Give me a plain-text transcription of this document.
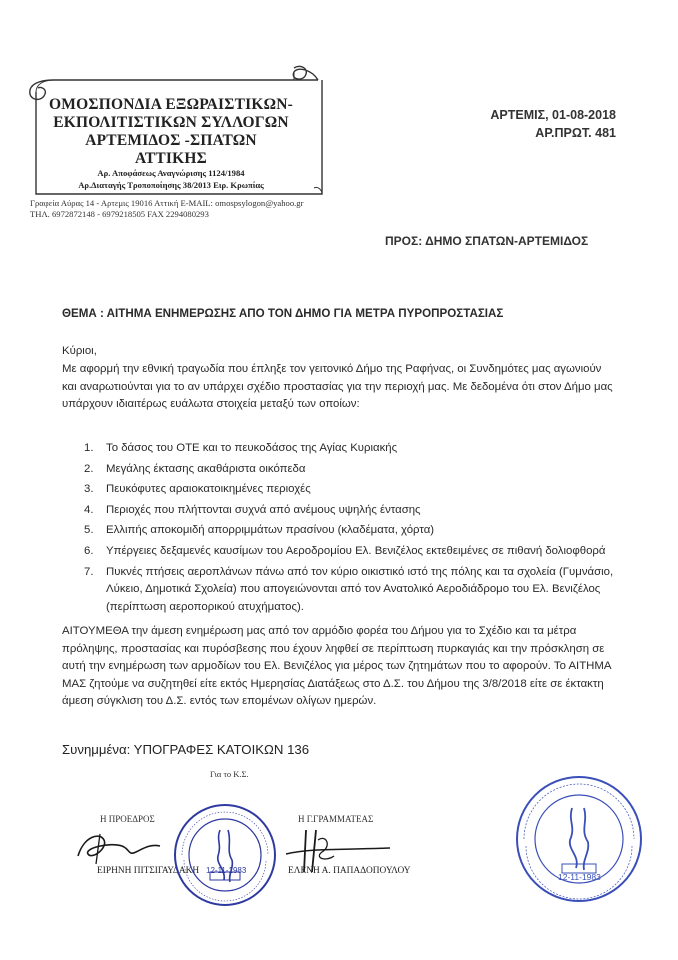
ΟΜΟΣΠΟΝΔΙΑ ΕΞΩΡΑΙΣΤΙΚΩΝ-
ΕΚΠΟΛΙΤΙΣΤΙΚΩΝ ΣΥΛΛΟΓΩΝ
ΑΡΤΕΜΙΔΟΣ -ΣΠΑΤΩΝ
ΑΤΤΙΚΗΣ
Αρ. Αποφάσεως Αναγνώρισης 1124/1984
Αρ.Διαταγής Τροποποίησης 38/2013 Ειρ. Κρωπίας
Γραφεία Αύρας 14 - Αρτεμις 19016 Αττική E-MAIL: omospsylogon@yahoo.gr
ΤΗΛ. 6972872148 - 6979218505 FAX 2294080293
ΑΡΤΕΜΙΣ, 01-08-2018
ΑΡ.ΠΡΩΤ. 481
ΠΡΟΣ: ΔΗΜΟ ΣΠΑΤΩΝ-ΑΡΤΕΜΙΔΟΣ
ΘΕΜΑ : ΑΙΤΗΜΑ ΕΝΗΜΕΡΩΣΗΣ ΑΠΟ ΤΟΝ ΔΗΜΟ ΓΙΑ ΜΕΤΡΑ ΠΥΡΟΠΡΟΣΤΑΣΙΑΣ
Κύριοι,
Με αφορμή την εθνική τραγωδία που έπληξε τον γειτονικό Δήμο της Ραφήνας, οι Συνδημότες μας αγωνιούν και αναρωτιούνται για το αν υπάρχει σχέδιο προστασίας για την περιοχή μας. Με δεδομένα ότι στον Δήμο μας υπάρχουν ιδιαιτέρως ευάλωτα στοιχεία μεταξύ των οποίων:
1. Το δάσος του ΟΤΕ και το πευκοδάσος της Αγίας Κυριακής
2. Μεγάλης έκτασης ακαθάριστα οικόπεδα
3. Πευκόφυτες αραιοκατοικημένες περιοχές
4. Περιοχές που πλήττονται συχνά από ανέμους υψηλής έντασης
5. Ελλιπής αποκομιδή απορριμμάτων πρασίνου (κλαδέματα, χόρτα)
6. Υπέργειες δεξαμενές καυσίμων του Αεροδρομίου Ελ. Βενιζέλος εκτεθειμένες σε πιθανή δολιοφθορά
7. Πυκνές πτήσεις αεροπλάνων πάνω από τον κύριο οικιστικό ιστό της πόλης και τα σχολεία (Γυμνάσιο, Λύκειο, Δημοτικά Σχολεία) που απογειώνονται από τον Ανατολικό Αεροδιάδρομο του Ελ. Βενιζέλος (περίπτωση αεροπορικού ατυχήματος).
ΑΙΤΟΥΜΕΘΑ την άμεση ενημέρωση μας από τον αρμόδιο φορέα του Δήμου για το Σχέδιο και τα μέτρα πρόληψης, προστασίας και πυρόσβεσης που έχουν ληφθεί σε περίπτωση πυρκαγιάς και την πρόσκληση σε αυτή την ενημέρωση των αρμοδίων του Ελ. Βενιζέλος για μέρος των ζητημάτων που το αφορούν. Το ΑΙΤΗΜΑ ΜΑΣ ζητούμε να συζητηθεί είτε εκτός Ημερησίας Διατάξεως στο Δ.Σ. του Δήμου της 3/8/2018 είτε σε έκτακτη άμεση σύγκλιση του Δ.Σ. εντός των επομένων ολίγων ημερών.
Συνημμένα: ΥΠΟΓΡΑΦΕΣ ΚΑΤΟΙΚΩΝ 136
Για το Κ.Σ.
Η ΠΡΟΕΔΡΟΣ
ΕΙΡΗΝΗ ΠΙΤΣΙΓΑΥΔΑΚΗ 12-11-1983
Η Γ.ΓΡΑΜΜΑΤΕΑΣ
ΕΛΕΝΗ Α. ΠΑΠΑΔΟΠΟΥΛΟΥ
12-11-1983
